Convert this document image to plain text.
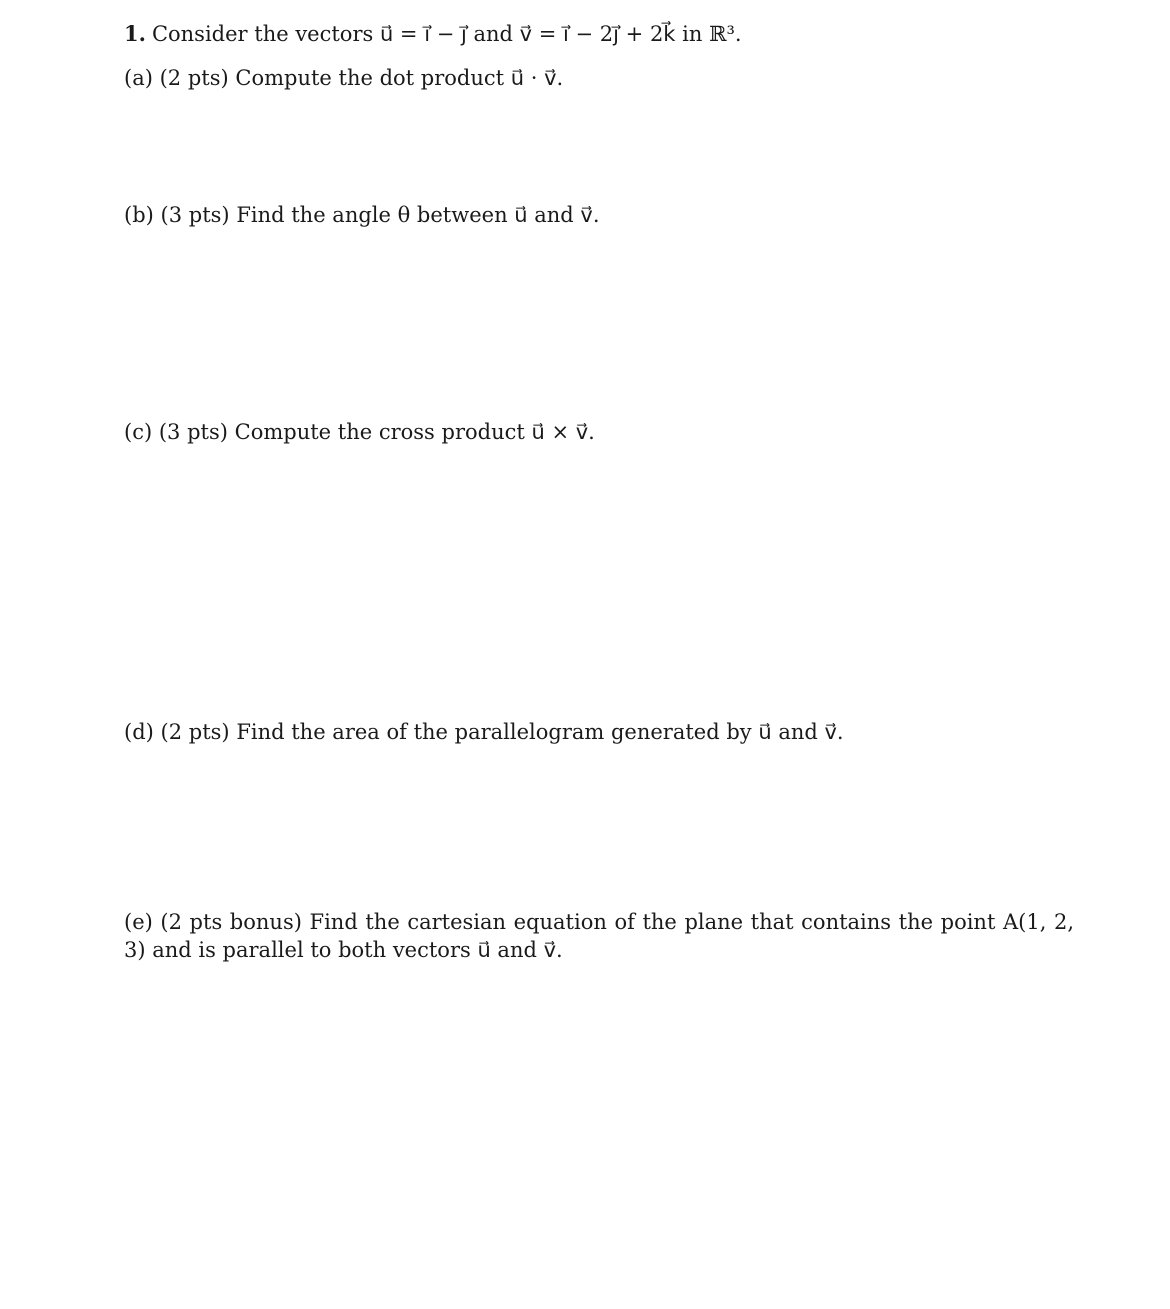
1. Consider the vectors u⃗ = i⃗ − j⃗ and v⃗ = i⃗ − 2j⃗ + 2k⃗ in ℝ³.
(a) (2 pts) Compute the dot product u⃗ · v⃗.
(b) (3 pts) Find the angle θ between u⃗ and v⃗.
(c) (3 pts) Compute the cross product u⃗ × v⃗.
(d) (2 pts) Find the area of the parallelogram generated by u⃗ and v⃗.
(e) (2 pts bonus) Find the cartesian equation of the plane that contains the point A(1, 2, 3) and is parallel to both vectors u⃗ and v⃗.
